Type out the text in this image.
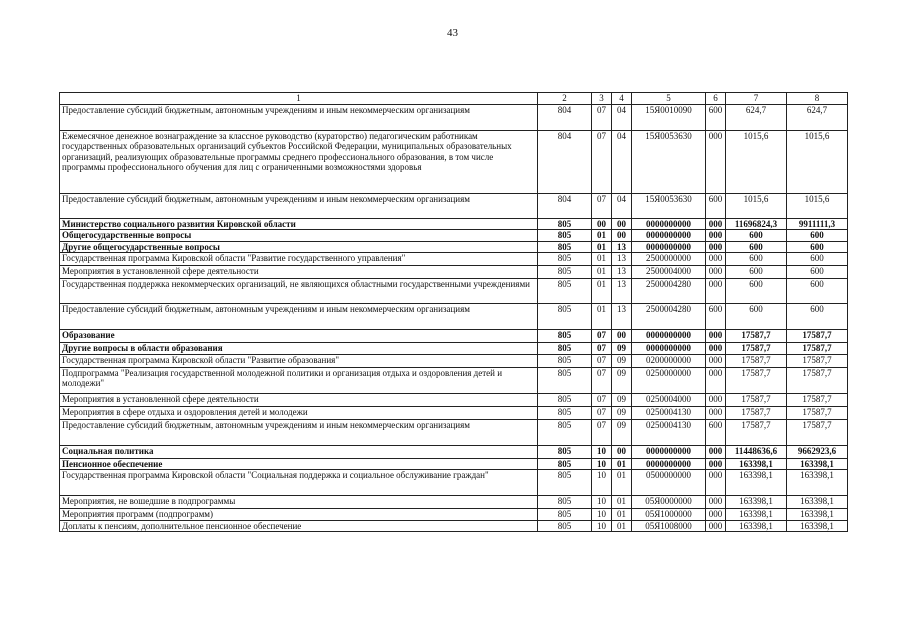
43
1	2	3	4	5	6	7	8
Предоставление субсидий бюджетным, автономным учреждениям и иным некоммерческим организациям	804	07	04	15Я0010090	600	624,7	624,7
Ежемесячное денежное вознаграждение за классное руководство (кураторство) педагогическим работникам государственных образовательных организаций субъектов Российской Федерации, муниципальных образовательных организаций, реализующих образовательные программы среднего профессионального образования, в том числе программы профессионального обучения для лиц с ограниченными возможностями здоровья	804	07	04	15Я0053630	000	1015,6	1015,6
Предоставление субсидий бюджетным, автономным учреждениям и иным некоммерческим организациям	804	07	04	15Я0053630	600	1015,6	1015,6
Министерство социального развития Кировской области	805	00	00	0000000000	000	11696824,3	9911111,3
Общегосударственные вопросы	805	01	00	0000000000	000	600	600
Другие общегосударственные вопросы	805	01	13	0000000000	000	600	600
Государственная программа Кировской области "Развитие государственного управления"	805	01	13	2500000000	000	600	600
Мероприятия в установленной сфере деятельности	805	01	13	2500004000	000	600	600
Государственная поддержка некоммерческих организаций, не являющихся областными государственными учреждениями	805	01	13	2500004280	000	600	600
Предоставление субсидий бюджетным, автономным учреждениям и иным некоммерческим организациям	805	01	13	2500004280	600	600	600
Образование	805	07	00	0000000000	000	17587,7	17587,7
Другие вопросы в области образования	805	07	09	0000000000	000	17587,7	17587,7
Государственная программа Кировской области "Развитие образования"	805	07	09	0200000000	000	17587,7	17587,7
Подпрограмма "Реализация государственной молодежной политики и организация отдыха и оздоровления детей и молодежи"	805	07	09	0250000000	000	17587,7	17587,7
Мероприятия в установленной сфере деятельности	805	07	09	0250004000	000	17587,7	17587,7
Мероприятия в сфере отдыха и оздоровления детей и молодежи	805	07	09	0250004130	000	17587,7	17587,7
Предоставление субсидий бюджетным, автономным учреждениям и иным некоммерческим организациям	805	07	09	0250004130	600	17587,7	17587,7
Социальная политика	805	10	00	0000000000	000	11448636,6	9662923,6
Пенсионное обеспечение	805	10	01	0000000000	000	163398,1	163398,1
Государственная программа Кировской области "Социальная поддержка и социальное обслуживание граждан"	805	10	01	0500000000	000	163398,1	163398,1
Мероприятия, не вошедшие в подпрограммы	805	10	01	05Я0000000	000	163398,1	163398,1
Мероприятия программ (подпрограмм)	805	10	01	05Я1000000	000	163398,1	163398,1
Доплаты к пенсиям, дополнительное пенсионное обеспечение	805	10	01	05Я1008000	000	163398,1	163398,1
